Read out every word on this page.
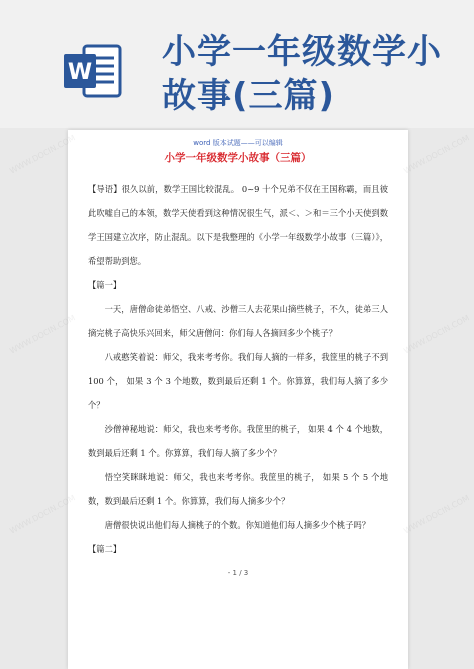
W
小学一年级数学小
故事(三篇)
word 版本试题——可以编辑
小学一年级数学小故事（三篇）

【导语】很久以前，数学王国比较混乱。 0~9 十个兄弟不仅在王国称霸，而且彼此吹嘘自己的本领，数学天使看到这种情况很生气，派＜、＞和＝三个小天使到数学王国建立次序，防止混乱。以下是我整理的《小学一年级数学小故事（三篇）》，希望帮助到您。

【篇一】

一天，唐僧命徒弟悟空、八戒、沙僧三人去花果山摘些桃子，不久，徒弟三人摘完桃子高快乐兴回来，师父唐僧问：你们每人各摘回多少个桃子？

八戒憨笑着说：师父，我来考考你。我们每人摘的一样多，我筐里的桃子不到 100 个， 如果 3 个 3 个地数，数到最后还剩 1 个。你算算，我们每人摘了多少个？

沙僧神秘地说：师父，我也来考考你。我筐里的桃子， 如果 4 个 4 个地数，数到最后还剩 1 个。你算算，我们每人摘了多少个？

悟空笑眯眯地说：师父，我也来考考你。我筐里的桃子， 如果 5 个 5 个地数，数到最后还剩 1 个。你算算，我们每人摘多少个？

唐僧很快说出他们每人摘桃子的个数。你知道他们每人摘多少个桃子吗？

【篇二】

- 1 / 3
WWW.DOCIN.COM
WWW.DOCIN.COM
WWW.DOCIN.COM
WWW.DOCIN.COM
WWW.DOCIN.COM
WWW.DOCIN.COM
